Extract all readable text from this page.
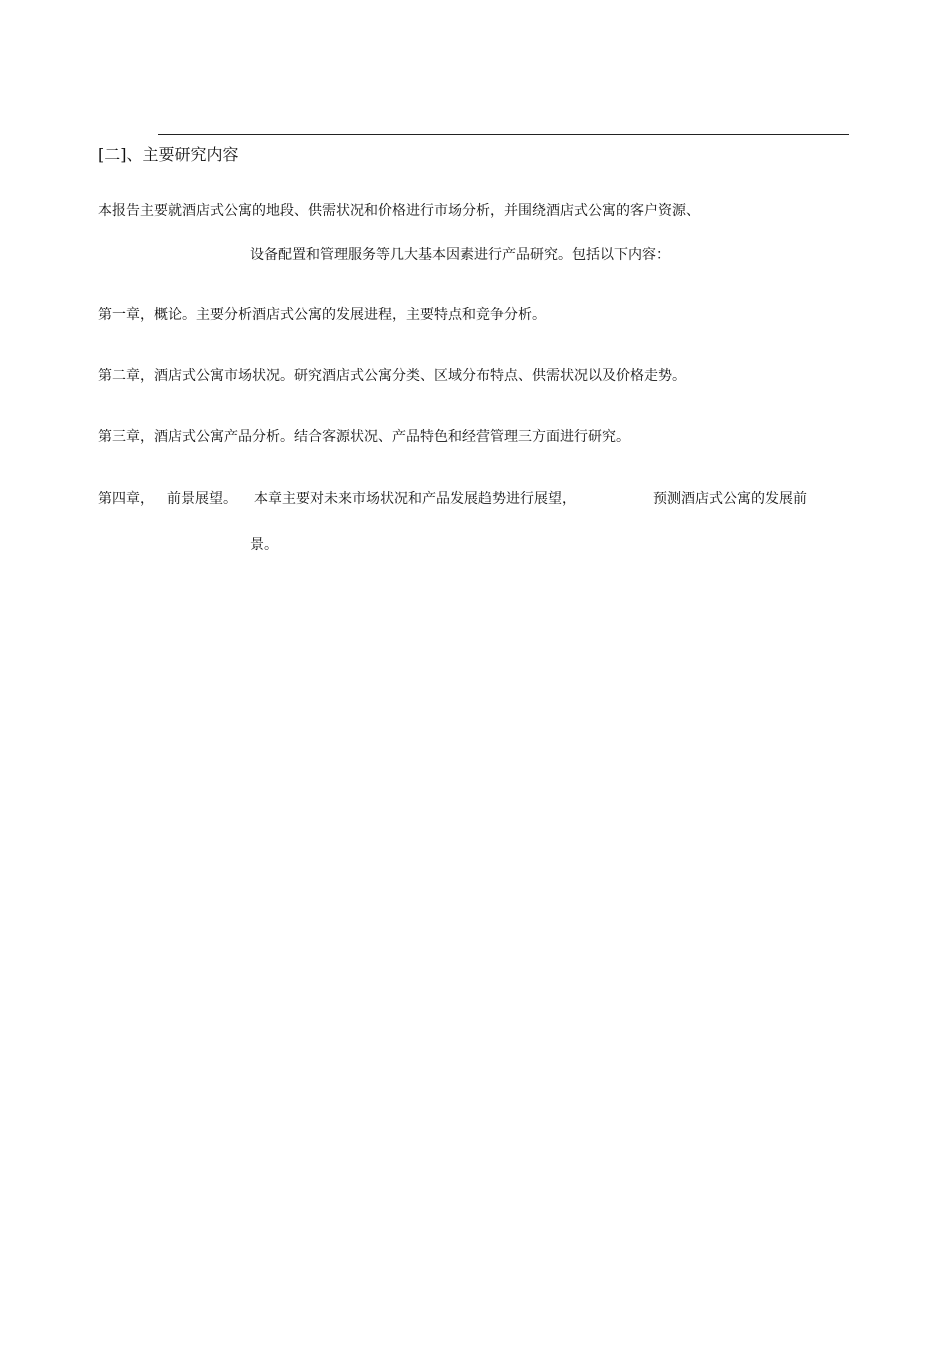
[二]、主要研究内容
本报告主要就酒店式公寓的地段、供需状况和价格进行市场分析，并围绕酒店式公寓的客户资源、
设备配置和管理服务等几大基本因素进行产品研究。包括以下内容：
第一章，概论。主要分析酒店式公寓的发展进程，主要特点和竞争分析。
第二章，酒店式公寓市场状况。研究酒店式公寓分类、区域分布特点、供需状况以及价格走势。
第三章，酒店式公寓产品分析。结合客源状况、产品特色和经营管理三方面进行研究。
第四章， 前景展望。 本章主要对未来市场状况和产品发展趋势进行展望，	预测酒店式公寓的发展前
景。
